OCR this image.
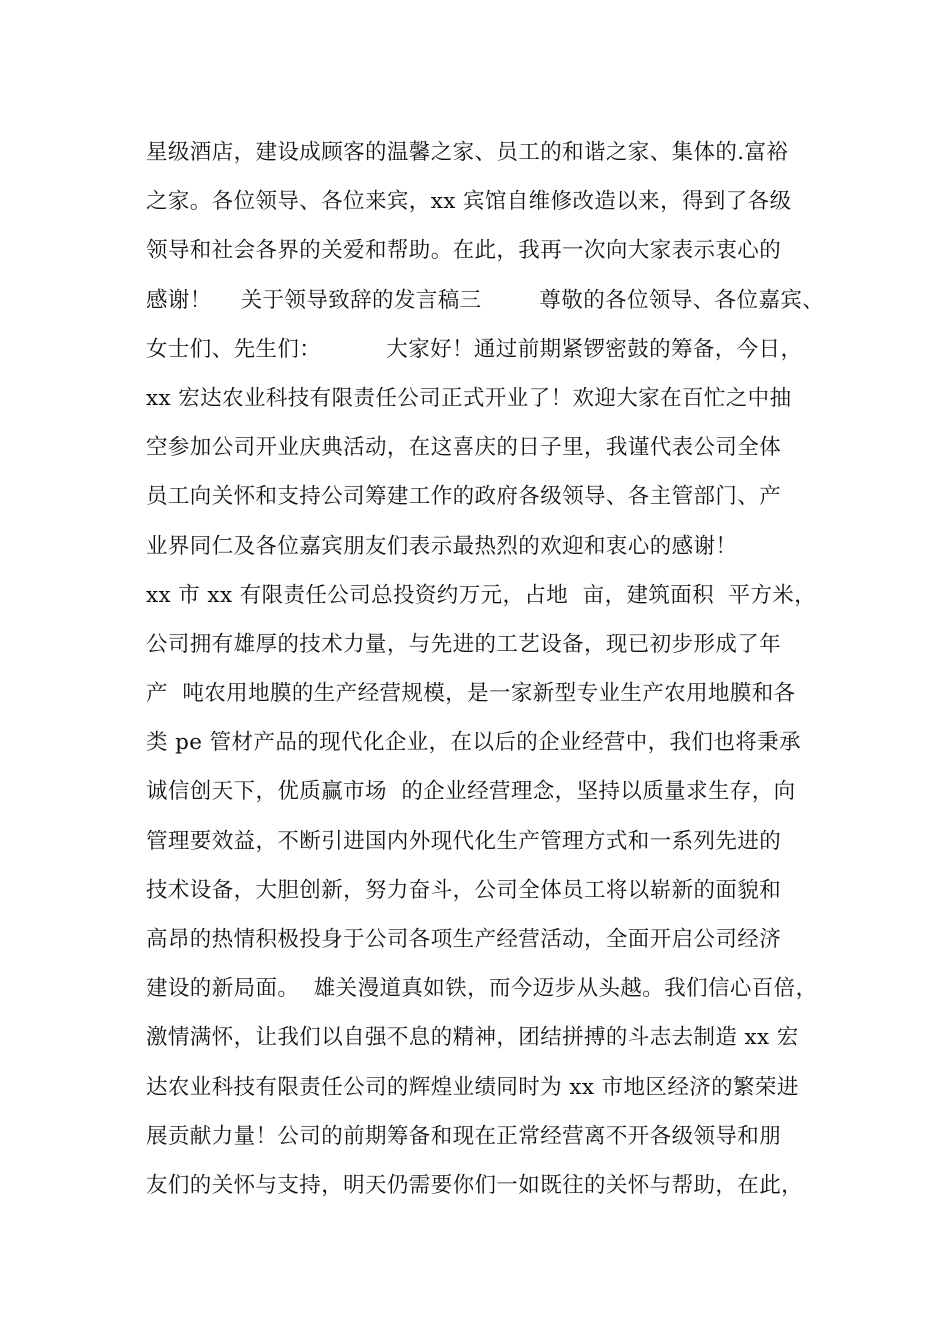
星级酒店，建设成顾客的温馨之家、员工的和谐之家、集体的.富裕
之家。各位领导、各位来宾，xx 宾馆自维修改造以来，得到了各级
领导和社会各界的关爱和帮助。在此，我再一次向大家表示衷心的
感谢！    关于领导致辞的发言稿三        尊敬的各位领导、各位嘉宾、
女士们、先生们：         大家好！通过前期紧锣密鼓的筹备，今日，
xx 宏达农业科技有限责任公司正式开业了！欢迎大家在百忙之中抽
空参加公司开业庆典活动，在这喜庆的日子里，我谨代表公司全体
员工向关怀和支持公司筹建工作的政府各级领导、各主管部门、产
业界同仁及各位嘉宾朋友们表示最热烈的欢迎和衷心的感谢！
xx 市 xx 有限责任公司总投资约万元，占地  亩，建筑面积  平方米，
公司拥有雄厚的技术力量，与先进的工艺设备，现已初步形成了年
产  吨农用地膜的生产经营规模，是一家新型专业生产农用地膜和各
类 pe 管材产品的现代化企业，在以后的企业经营中，我们也将秉承
诚信创天下，优质赢市场  的企业经营理念，坚持以质量求生存，向
管理要效益，不断引进国内外现代化生产管理方式和一系列先进的
技术设备，大胆创新，努力奋斗，公司全体员工将以崭新的面貌和
高昂的热情积极投身于公司各项生产经营活动，全面开启公司经济
建设的新局面。  雄关漫道真如铁，而今迈步从头越。我们信心百倍，
激情满怀，让我们以自强不息的精神，团结拼搏的斗志去制造 xx 宏
达农业科技有限责任公司的辉煌业绩同时为 xx 市地区经济的繁荣进
展贡献力量！公司的前期筹备和现在正常经营离不开各级领导和朋
友们的关怀与支持，明天仍需要你们一如既往的关怀与帮助，在此，
